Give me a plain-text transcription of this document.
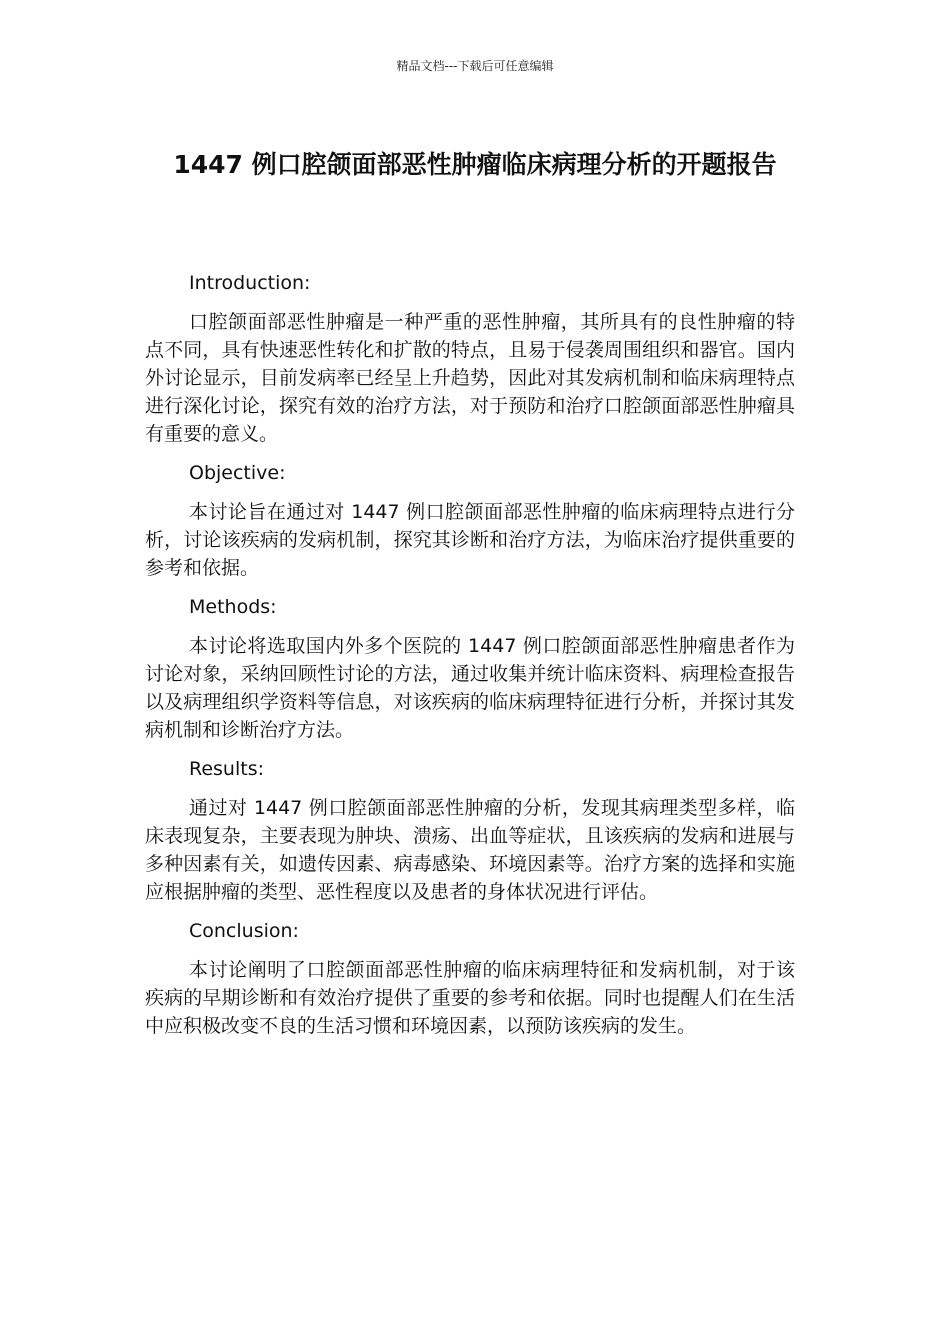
精品文档---下载后可任意编辑
1447 例口腔颌面部恶性肿瘤临床病理分析的开题报告

Introduction:

口腔颌面部恶性肿瘤是一种严重的恶性肿瘤，其所具有的良性肿瘤的特点不同，具有快速恶性转化和扩散的特点，且易于侵袭周围组织和器官。国内外讨论显示，目前发病率已经呈上升趋势，因此对其发病机制和临床病理特点进行深化讨论，探究有效的治疗方法，对于预防和治疗口腔颌面部恶性肿瘤具有重要的意义。

Objective:

本讨论旨在通过对 1447 例口腔颌面部恶性肿瘤的临床病理特点进行分析，讨论该疾病的发病机制，探究其诊断和治疗方法，为临床治疗提供重要的参考和依据。

Methods:

本讨论将选取国内外多个医院的 1447 例口腔颌面部恶性肿瘤患者作为讨论对象，采纳回顾性讨论的方法，通过收集并统计临床资料、病理检查报告以及病理组织学资料等信息，对该疾病的临床病理特征进行分析，并探讨其发病机制和诊断治疗方法。

Results:

通过对 1447 例口腔颌面部恶性肿瘤的分析，发现其病理类型多样，临床表现复杂，主要表现为肿块、溃疡、出血等症状，且该疾病的发病和进展与多种因素有关，如遗传因素、病毒感染、环境因素等。治疗方案的选择和实施应根据肿瘤的类型、恶性程度以及患者的身体状况进行评估。

Conclusion:

本讨论阐明了口腔颌面部恶性肿瘤的临床病理特征和发病机制，对于该疾病的早期诊断和有效治疗提供了重要的参考和依据。同时也提醒人们在生活中应积极改变不良的生活习惯和环境因素，以预防该疾病的发生。
